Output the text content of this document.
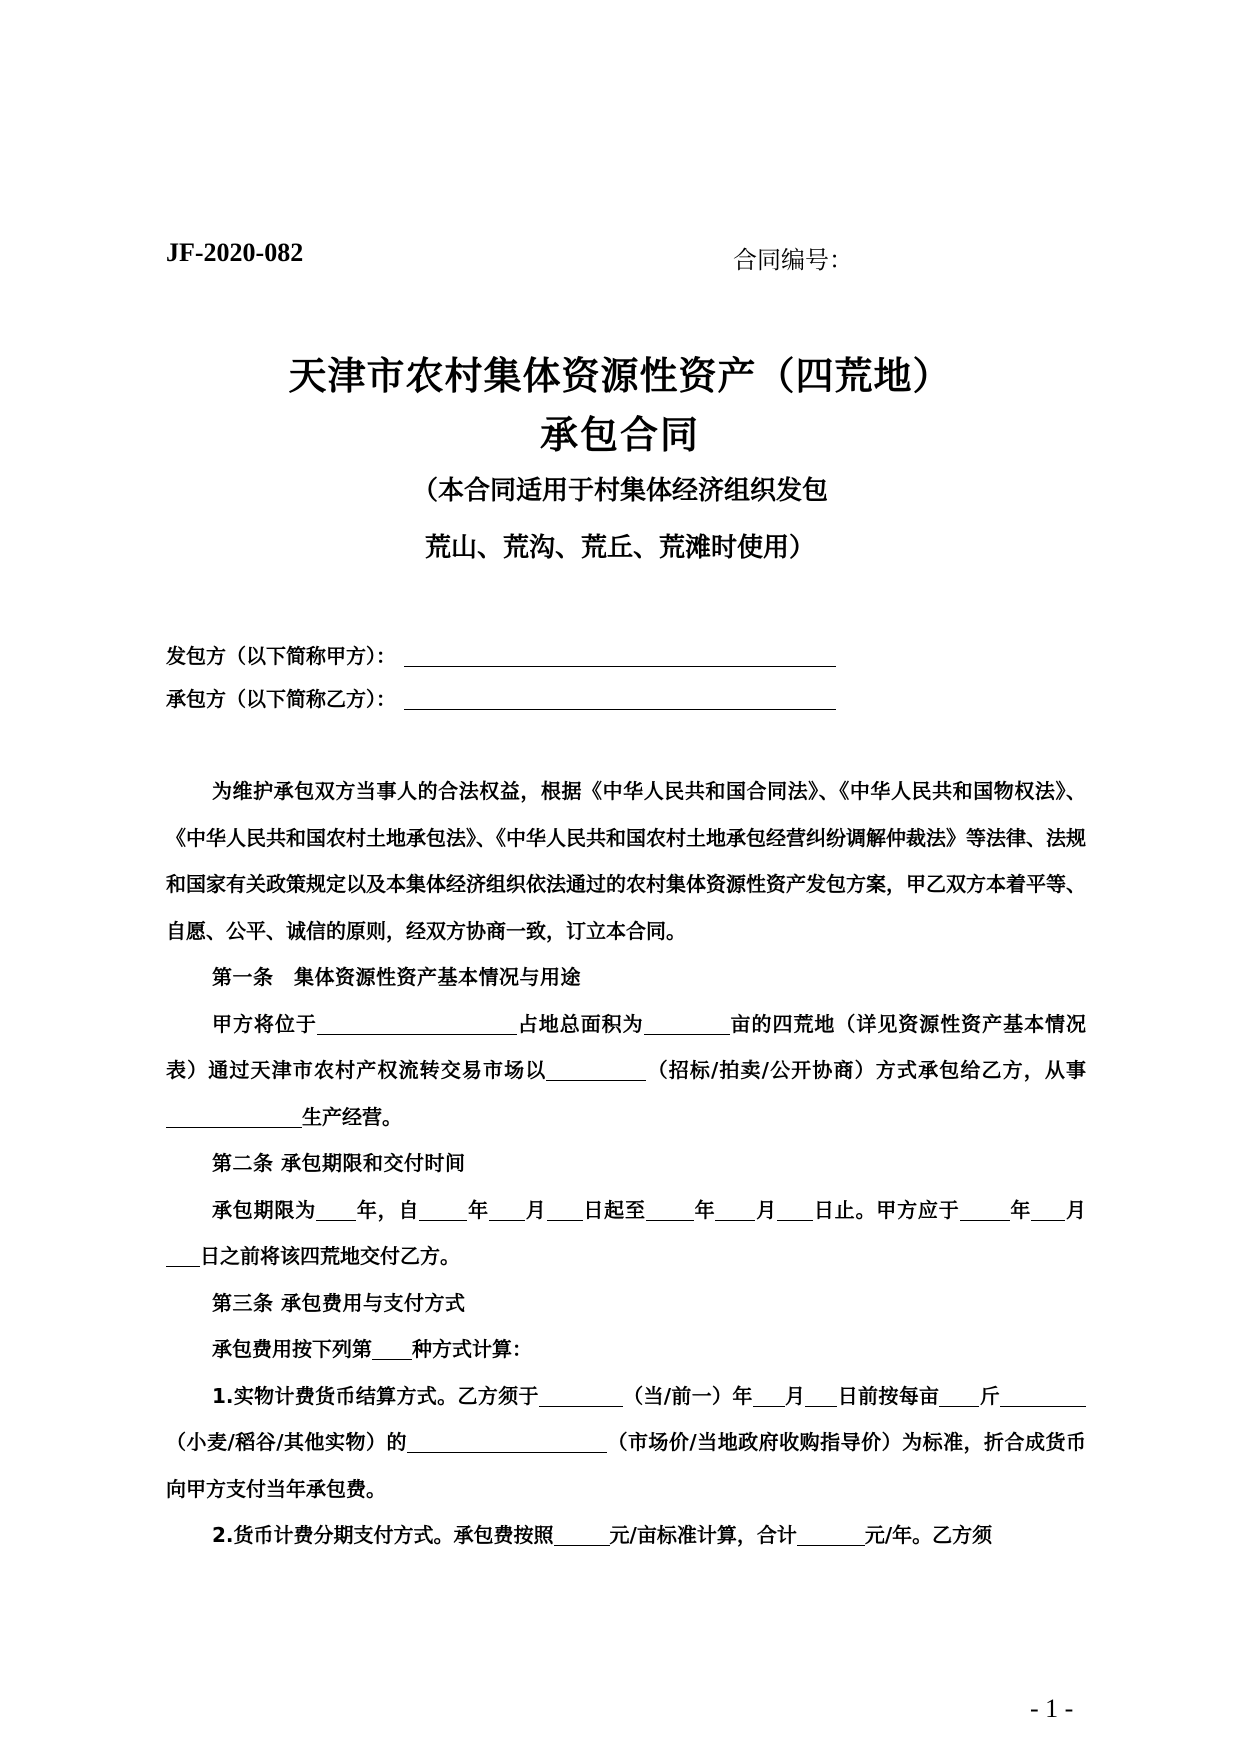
JF-2020-082	合同编号：
天津市农村集体资源性资产（四荒地）
承包合同
（本合同适用于村集体经济组织发包
荒山、荒沟、荒丘、荒滩时使用）
发包方（以下简称甲方）：
承包方（以下简称乙方）：

为维护承包双方当事人的合法权益，根据《中华人民共和国合同法》、《中华人民共和国物权法》、《中华人民共和国农村土地承包法》、《中华人民共和国农村土地承包经营纠纷调解仲裁法》等法律、法规和国家有关政策规定以及本集体经济组织依法通过的农村集体资源性资产发包方案，甲乙双方本着平等、自愿、公平、诚信的原则，经双方协商一致，订立本合同。

第一条　集体资源性资产基本情况与用途

甲方将位于	占地总面积为	亩的四荒地（详见资源性资产基本情况表）通过天津市农村产权流转交易市场以	（招标/拍卖/公开协商）方式承包给乙方，从事生产经营。

第二条 承包期限和交付时间

承包期限为 年，自 年 月 日起至 年 月 日止。甲方应于	年 月日之前将该四荒地交付乙方。

第三条 承包费用与支付方式

承包费用按下列第 种方式计算：

1.实物计费货币结算方式。乙方须于	（当/前一）年 月 日前按每亩 斤（小麦/稻谷/其他实物）的	（市场价/当地政府收购指导价）为标准，折合成货币向甲方支付当年承包费。

2.货币计费分期支付方式。承包费按照	元/亩标准计算，合计	元/年。乙方须

- 1 -
